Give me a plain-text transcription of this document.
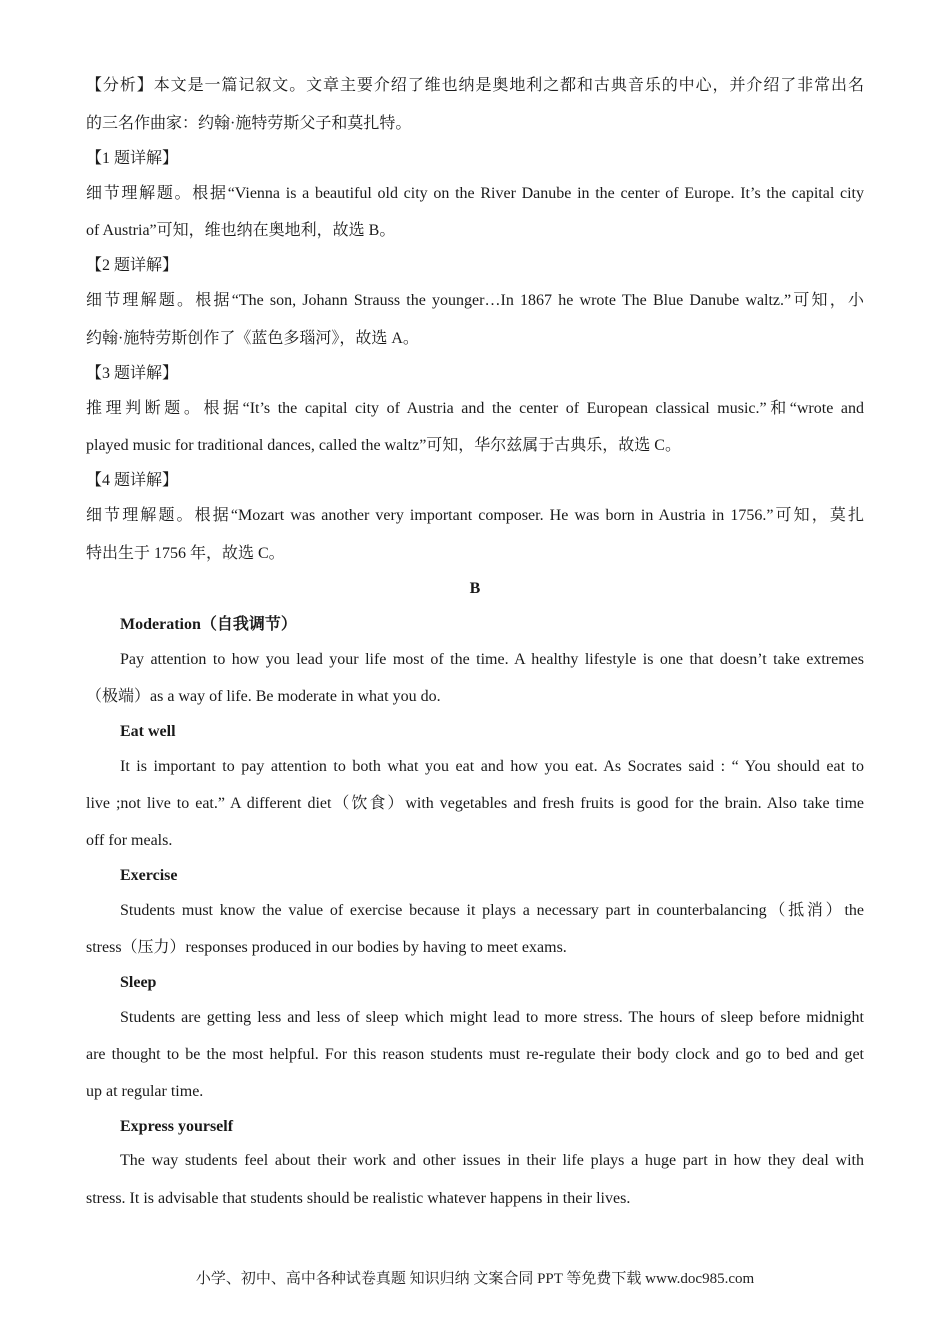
【分析】本文是一篇记叙文。文章主要介绍了维也纳是奥地利之都和古典音乐的中心，并介绍了非常出名
的三名作曲家：约翰·施特劳斯父子和莫扎特。
【1 题详解】
细节理解题。根据“Vienna is a beautiful old city on the River Danube in the center of Europe. It’s the capital city
of Austria”可知，维也纳在奥地利，故选 B。
【2 题详解】
细节理解题。根据“The son, Johann Strauss the younger…In 1867 he wrote The Blue Danube waltz.”可知，小
约翰·施特劳斯创作了《蓝色多瑙河》，故选 A。
【3 题详解】
推理判断题。根据“It’s the capital city of Austria and the center of European classical music.”和“wrote and
played music for traditional dances, called the waltz”可知，华尔兹属于古典乐，故选 C。
【4 题详解】
细节理解题。根据“Mozart was another very important composer. He was born in Austria in 1756.”可知，莫扎
特出生于 1756 年，故选 C。
B
Moderation（自我调节）
Pay attention to how you lead your life most of the time. A healthy lifestyle is one that doesn’t take extremes
（极端）as a way of life. Be moderate in what you do.
Eat well
It is important to pay attention to both what you eat and how you eat. As Socrates said : “ You should eat to
live ;not live to eat.” A different diet（饮食）with vegetables and fresh fruits is good for the brain. Also take time
off for meals.
Exercise
Students must know the value of exercise because it plays a necessary part in counterbalancing（抵消）the
stress（压力）responses produced in our bodies by having to meet exams.
Sleep
Students are getting less and less of sleep which might lead to more stress. The hours of sleep before midnight
are thought to be the most helpful. For this reason students must re-regulate their body clock and go to bed and get
up at regular time.
Express yourself
The way students feel about their work and other issues in their life plays a huge part in how they deal with
stress. It is advisable that students should be realistic whatever happens in their lives.
小学、初中、高中各种试卷真题 知识归纳 文案合同 PPT 等免费下载 www.doc985.com
